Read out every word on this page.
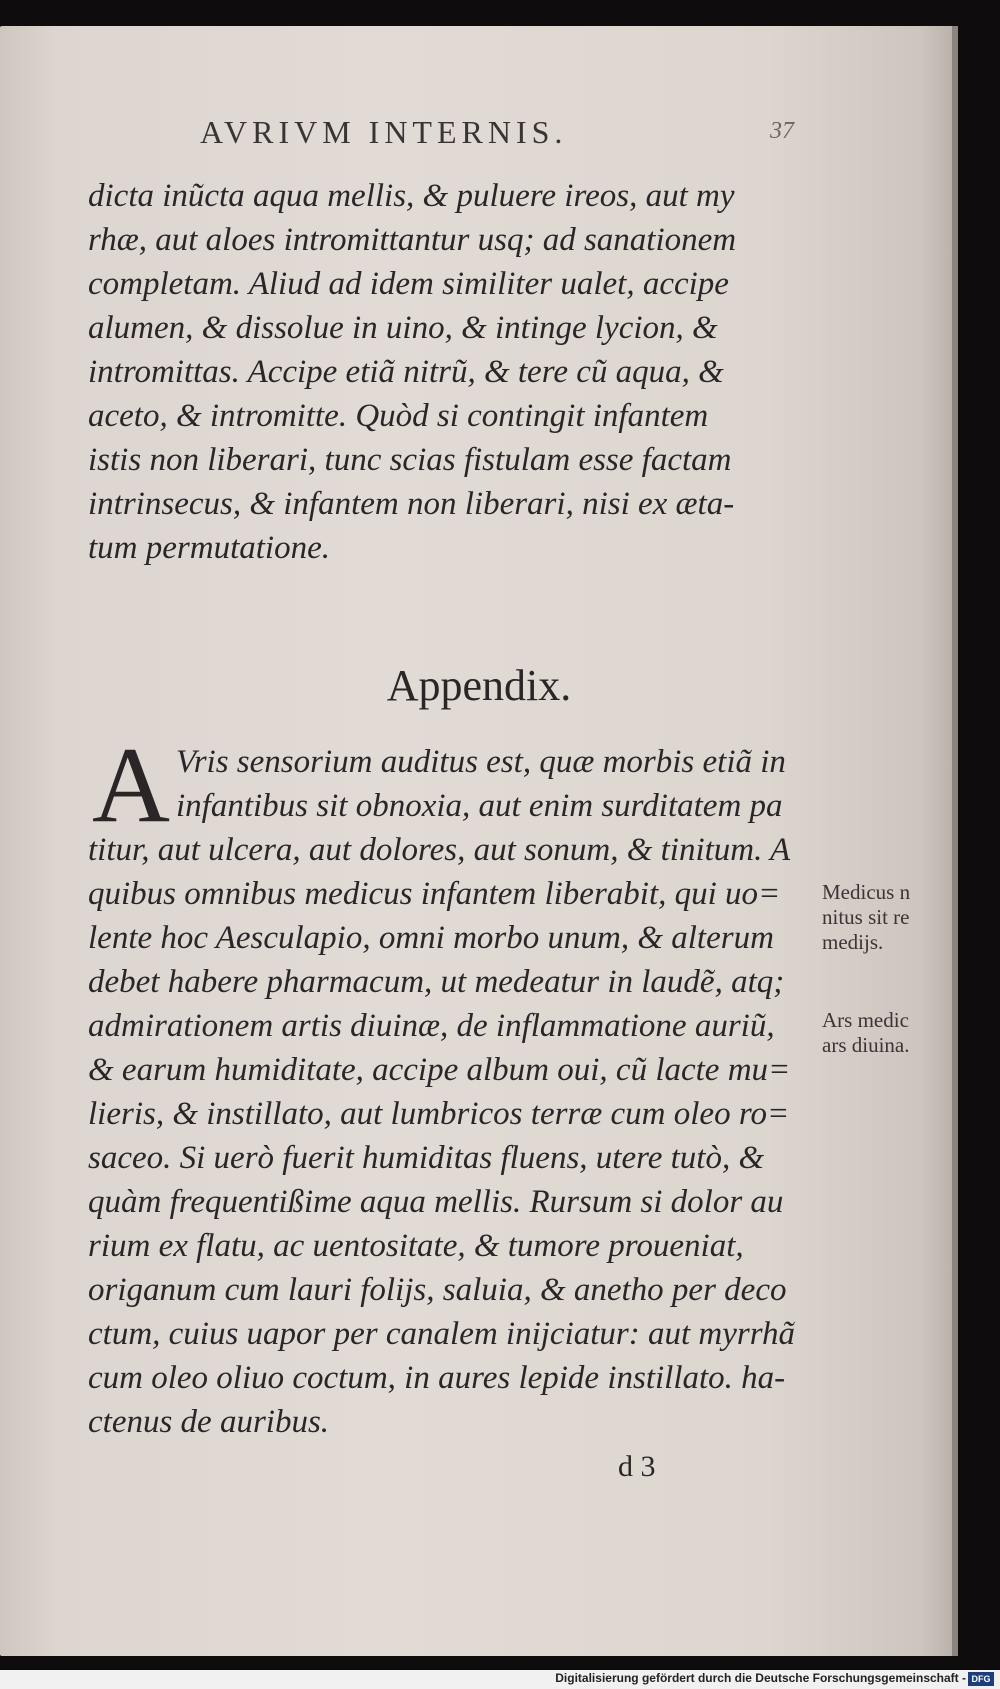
AVRIVM INTERNIS.	37
dicta inũcta aqua mellis, & puluere ireos, aut my
rhæ, aut aloes intromittantur usq; ad sanationem
completam. Aliud ad idem similiter ualet, accipe
alumen, & dissolue in uino, & intinge lycion, &
intromittas. Accipe etiã nitrũ, & tere cũ aqua, &
aceto, & intromitte. Quòd si contingit infantem
istis non liberari, tunc scias fistulam esse factam
intrinsecus, & infantem non liberari, nisi ex æta-
tum permutatione.
Appendix.
A Vris sensorium auditus est, quæ morbis etiã in
infantibus sit obnoxia, aut enim surditatem pa
titur, aut ulcera, aut dolores, aut sonum, & tinitum. A
quibus omnibus medicus infantem liberabit, qui uo=
lente hoc Aesculapio, omni morbo unum, & alterum
debet habere pharmacum, ut medeatur in laudẽ, atq;
admirationem artis diuinæ, de inflammatione auriũ,
& earum humiditate, accipe album oui, cũ lacte mu=
lieris, & instillato, aut lumbricos terræ cum oleo ro=
saceo. Si uerò fuerit humiditas fluens, utere tutò, &
quàm frequentißime aqua mellis. Rursum si dolor au
rium ex flatu, ac uentositate, & tumore proueniat,
origanum cum lauri folijs, saluia, & anetho per deco
ctum, cuius uapor per canalem inijciatur: aut myrrhã
cum oleo oliuo coctum, in aures lepide instillato. ha-
ctenus de auribus.
Medicus n
nitus sit re
medijs.
Ars medic
ars diuina.
d 3
Digitalisierung gefördert durch die Deutsche Forschungsgemeinschaft - DFG
